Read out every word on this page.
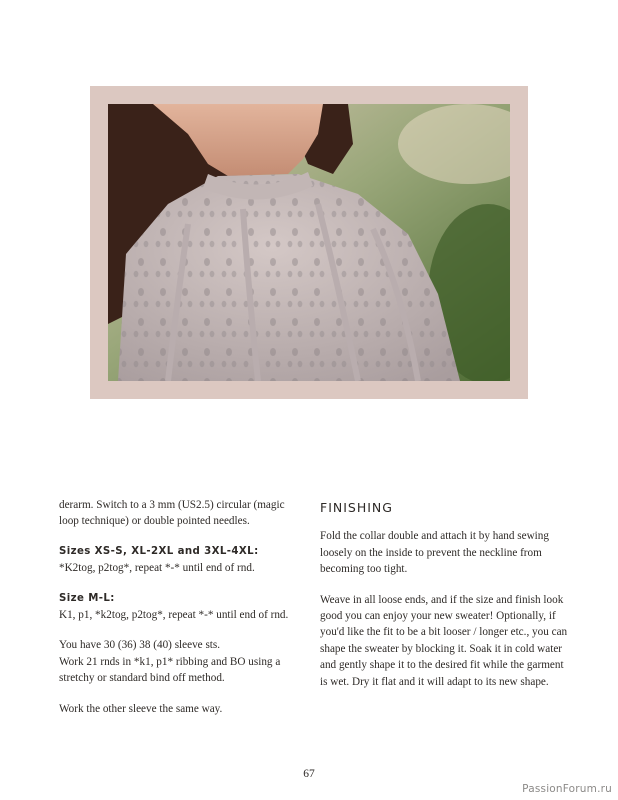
derarm. Switch to a 3 mm (US2.5) circular (magic loop technique) or double pointed needles.

Sizes XS-S, XL-2XL and 3XL-4XL:
*K2tog, p2tog*, repeat *-* until end of rnd.

Size M-L:
K1, p1, *k2tog, p2tog*, repeat *-* until end of rnd.

You have 30 (36) 38 (40) sleeve sts.
Work 21 rnds in *k1, p1* ribbing and BO using a stretchy or standard bind off method.

Work the other sleeve the same way.

FINISHING

Fold the collar double and attach it by hand sewing loosely on the inside to prevent the neckline from becoming too tight.

Weave in all loose ends, and if the size and finish look good you can enjoy your new sweater! Optionally, if you'd like the fit to be a bit looser / longer etc., you can shape the sweater by blocking it. Soak it in cold water and gently shape it to the desired fit while the garment is wet. Dry it flat and it will adapt to its new shape.

67
PassionForum.ru
